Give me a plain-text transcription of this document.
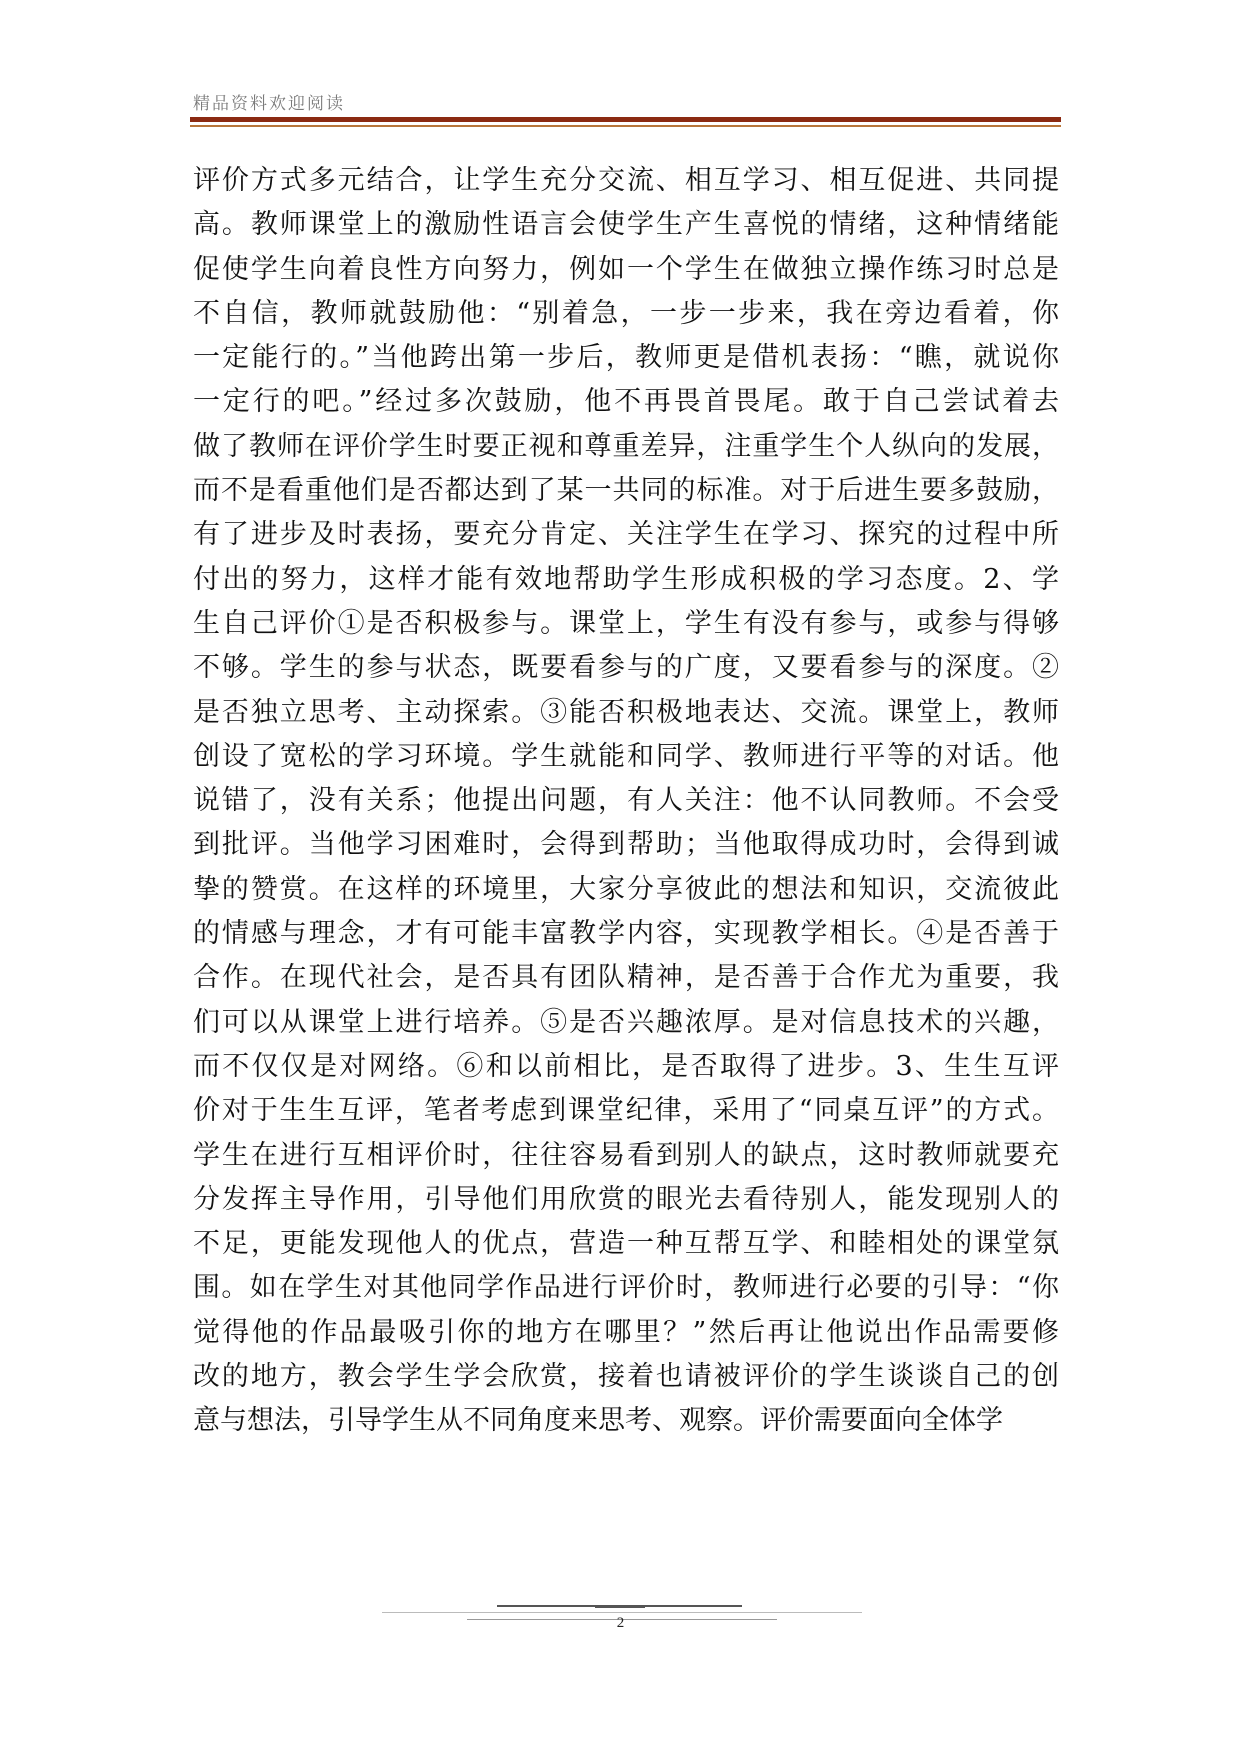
精品资料欢迎阅读
评价方式多元结合，让学生充分交流、相互学习、相互促进、共同提
高。教师课堂上的激励性语言会使学生产生喜悦的情绪，这种情绪能
促使学生向着良性方向努力，例如一个学生在做独立操作练习时总是
不自信，教师就鼓励他：“别着急，一步一步来，我在旁边看着，你
一定能行的。”当他跨出第一步后，教师更是借机表扬：“瞧，就说你
一定行的吧。”经过多次鼓励，他不再畏首畏尾。敢于自己尝试着去
做了教师在评价学生时要正视和尊重差异，注重学生个人纵向的发展，
而不是看重他们是否都达到了某一共同的标准。对于后进生要多鼓励，
有了进步及时表扬，要充分肯定、关注学生在学习、探究的过程中所
付出的努力，这样才能有效地帮助学生形成积极的学习态度。2、学
生自己评价①是否积极参与。课堂上，学生有没有参与，或参与得够
不够。学生的参与状态，既要看参与的广度，又要看参与的深度。②
是否独立思考、主动探索。③能否积极地表达、交流。课堂上，教师
创设了宽松的学习环境。学生就能和同学、教师进行平等的对话。他
说错了，没有关系；他提出问题，有人关注：他不认同教师。不会受
到批评。当他学习困难时，会得到帮助；当他取得成功时，会得到诚
挚的赞赏。在这样的环境里，大家分享彼此的想法和知识，交流彼此
的情感与理念，才有可能丰富教学内容，实现教学相长。④是否善于
合作。在现代社会，是否具有团队精神，是否善于合作尤为重要，我
们可以从课堂上进行培养。⑤是否兴趣浓厚。是对信息技术的兴趣，
而不仅仅是对网络。⑥和以前相比，是否取得了进步。3、生生互评
价对于生生互评，笔者考虑到课堂纪律，采用了“同桌互评”的方式。
学生在进行互相评价时，往往容易看到别人的缺点，这时教师就要充
分发挥主导作用，引导他们用欣赏的眼光去看待别人，能发现别人的
不足，更能发现他人的优点，营造一种互帮互学、和睦相处的课堂氛
围。如在学生对其他同学作品进行评价时，教师进行必要的引导：“你
觉得他的作品最吸引你的地方在哪里？”然后再让他说出作品需要修
改的地方，教会学生学会欣赏，接着也请被评价的学生谈谈自己的创
意与想法，引导学生从不同角度来思考、观察。评价需要面向全体学
2
